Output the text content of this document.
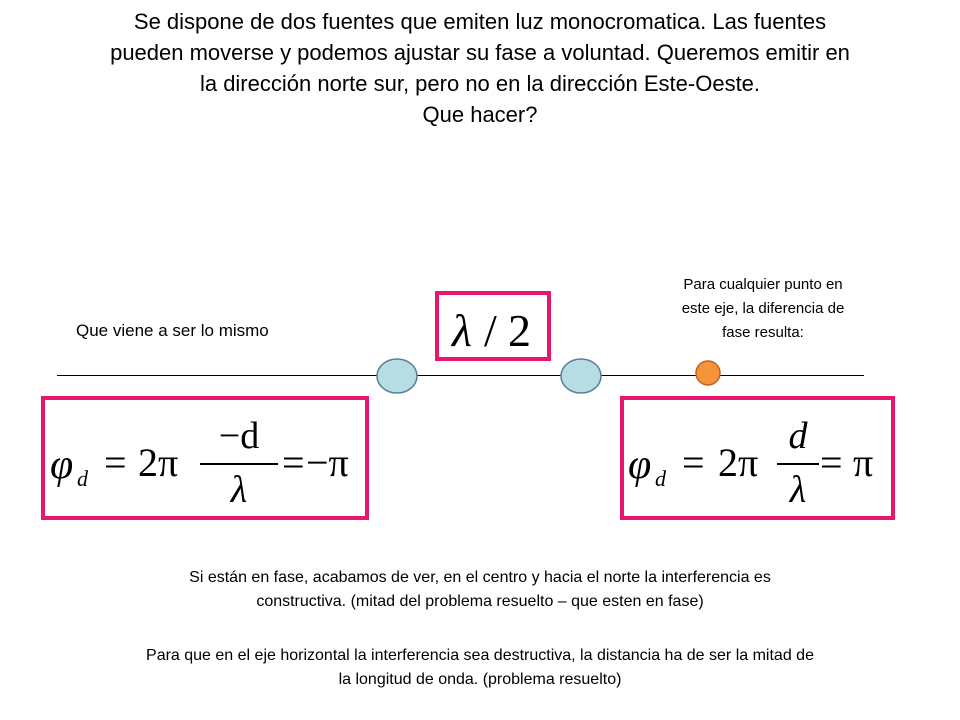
Se dispone de dos fuentes que emiten luz monocromatica. Las fuentes
pueden moverse y podemos ajustar su fase a voluntad. Queremos emitir en
la dirección norte sur, pero no en la dirección Este-Oeste.
Que hacer?
Que viene a ser lo mismo
Para cualquier punto en
este eje, la diferencia de
fase resulta:
λ / 2
φ d = 2π
−d
λ
= −π	φ d = 2π
d
λ
= π
Si están en fase, acabamos de ver, en el centro y hacia el norte la interferencia es
constructiva. (mitad del problema resuelto – que esten en fase)
Para que en el eje horizontal la interferencia sea destructiva, la distancia ha de ser la mitad de
la longitud de onda. (problema resuelto)
